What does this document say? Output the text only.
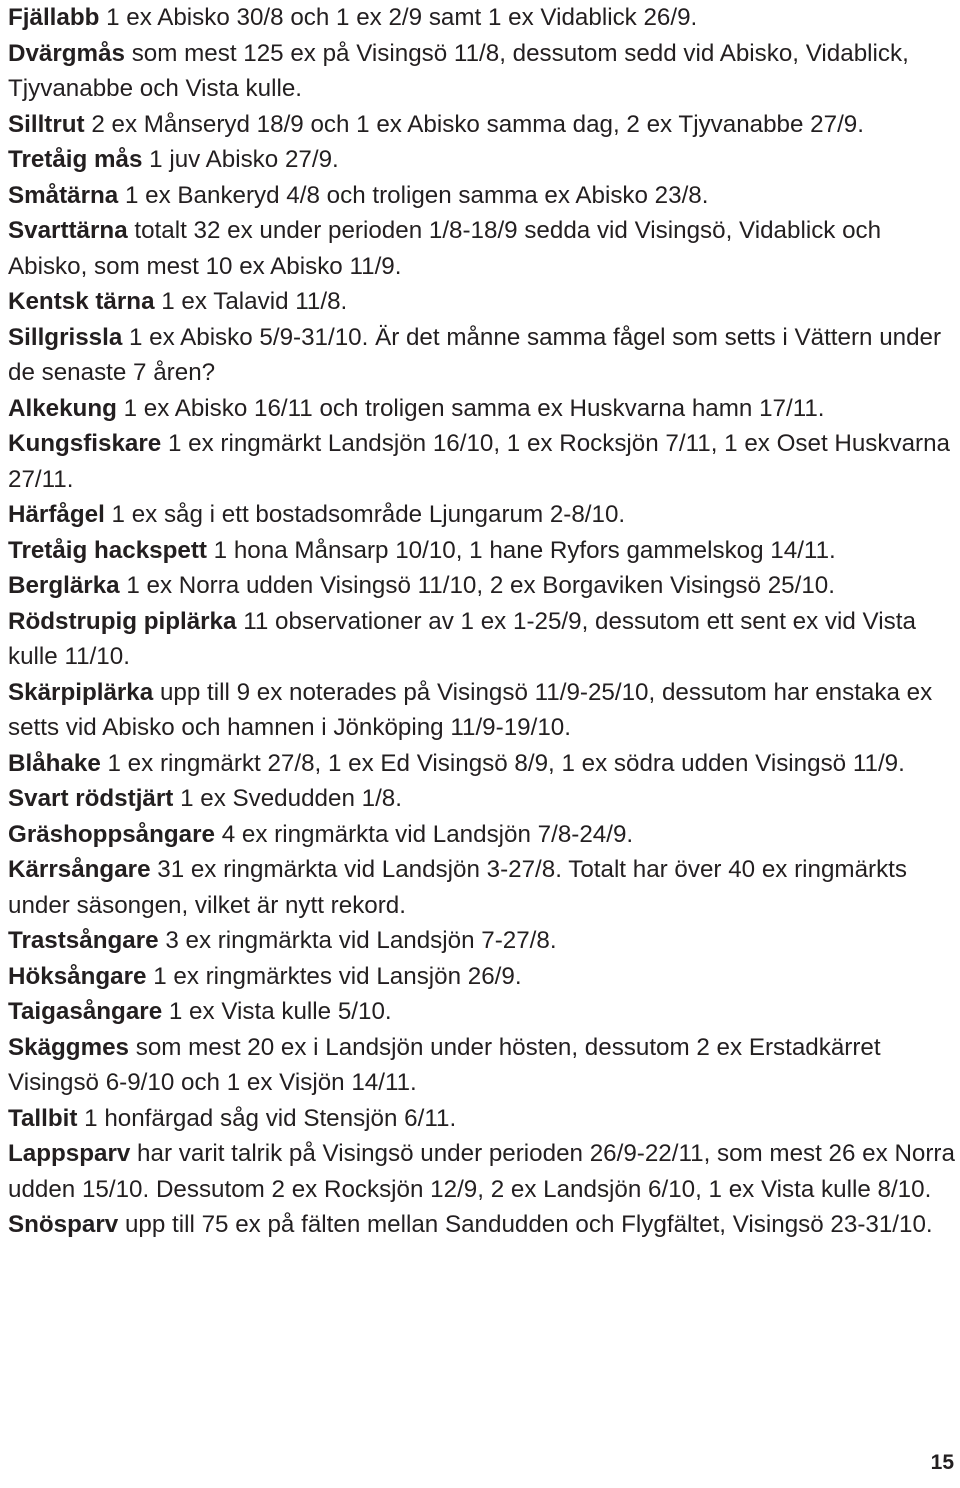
Fjällabb 1 ex Abisko 30/8 och 1 ex 2/9 samt 1 ex Vidablick 26/9.

Dvärgmås som mest 125 ex på Visingsö 11/8, dessutom sedd vid Abisko, Vidablick, Tjyvanabbe och Vista kulle.

Silltrut 2 ex Månseryd 18/9 och 1 ex Abisko samma dag, 2 ex Tjyvanabbe 27/9.

Tretåig mås 1 juv Abisko 27/9.

Småtärna 1 ex Bankeryd 4/8 och troligen samma ex Abisko 23/8.

Svarttärna totalt 32 ex under perioden 1/8-18/9 sedda vid Visingsö, Vidablick och Abisko, som mest 10 ex Abisko 11/9.

Kentsk tärna 1 ex Talavid 11/8.

Sillgrissla 1 ex Abisko 5/9-31/10. Är det månne samma fågel som setts i Vättern under de senaste 7 åren?

Alkekung 1 ex Abisko 16/11 och troligen samma ex Huskvarna hamn 17/11.

Kungsfiskare 1 ex ringmärkt Landsjön 16/10, 1 ex Rocksjön 7/11, 1 ex Oset Huskvarna 27/11.

Härfågel 1 ex såg i ett bostadsområde Ljungarum 2-8/10.

Tretåig hackspett 1 hona Månsarp 10/10, 1 hane Ryfors gammelskog 14/11.

Berglärka 1 ex Norra udden Visingsö 11/10, 2 ex Borgaviken Visingsö 25/10.

Rödstrupig piplärka 11 observationer av 1 ex 1-25/9, dessutom ett sent ex vid Vista kulle 11/10.

Skärpiplärka upp till 9 ex noterades på Visingsö 11/9-25/10, dessutom har enstaka ex setts vid Abisko och hamnen i Jönköping 11/9-19/10.

Blåhake 1 ex ringmärkt 27/8, 1 ex Ed Visingsö 8/9, 1 ex södra udden Visingsö 11/9.

Svart rödstjärt 1 ex Svedudden 1/8.

Gräshoppsångare 4 ex ringmärkta vid Landsjön 7/8-24/9.

Kärrsångare 31 ex ringmärkta vid Landsjön 3-27/8. Totalt har över 40 ex ringmärkts under säsongen, vilket är nytt rekord.

Trastsångare 3 ex ringmärkta vid Landsjön 7-27/8.

Höksångare 1 ex ringmärktes vid Lansjön 26/9.

Taigasångare 1 ex Vista kulle 5/10.

Skäggmes som mest 20 ex i Landsjön under hösten, dessutom 2 ex Erstadkärret Visingsö 6-9/10 och 1 ex Visjön 14/11.

Tallbit 1 honfärgad såg vid Stensjön 6/11.

Lappsparv har varit talrik på Visingsö under perioden 26/9-22/11, som mest 26 ex Norra udden 15/10. Dessutom 2 ex Rocksjön 12/9, 2 ex Landsjön 6/10, 1 ex Vista kulle 8/10.

Snösparv upp till 75 ex på fälten mellan Sandudden och Flygfältet, Visingsö 23-31/10.

15
